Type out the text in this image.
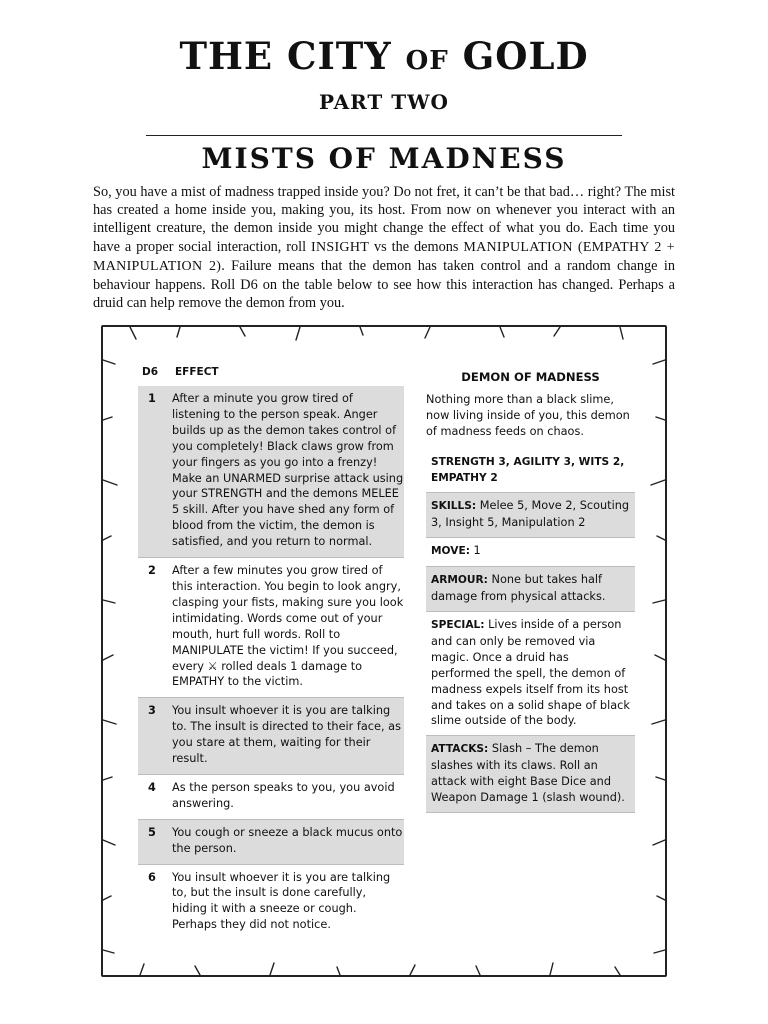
THE CITY OF GOLD
PART TWO
MISTS OF MADNESS

So, you have a mist of madness trapped inside you? Do not fret, it can’t be that bad… right? The mist has created a home inside you, making you, its host. From now on whenever you interact with an intelligent creature, the demon inside you might change the effect of what you do. Each time you have a proper social interaction, roll INSIGHT vs the demons MANIPULATION (EMPATHY 2 + MANIPULATION 2). Failure means that the demon has taken control and a random change in behaviour happens. Roll D6 on the table below to see how this interaction has changed. Perhaps a druid can help remove the demon from you.

D6	EFFECT
1	After a minute you grow tired of listening to the person speak. Anger builds up as the demon takes control of you completely! Black claws grow from your fingers as you go into a frenzy! Make an UNARMED surprise attack using your STRENGTH and the demons MELEE 5 skill. After you have shed any form of blood from the victim, the demon is satisfied, and you return to normal.
2	After a few minutes you grow tired of this interaction. You begin to look angry, clasping your fists, making sure you look intimidating. Words come out of your mouth, hurt full words. Roll to MANIPULATE the victim! If you succeed, every ⚔ rolled deals 1 damage to EMPATHY to the victim.
3	You insult whoever it is you are talking to. The insult is directed to their face, as you stare at them, waiting for their result.
4	As the person speaks to you, you avoid answering.
5	You cough or sneeze a black mucus onto the person.
6	You insult whoever it is you are talking to, but the insult is done carefully, hiding it with a sneeze or cough. Perhaps they did not notice.
DEMON OF MADNESS

Nothing more than a black slime, now living inside of you, this demon of madness feeds on chaos.

STRENGTH 3, AGILITY 3, WITS 2, EMPATHY 2
SKILLS: Melee 5, Move 2, Scouting 3, Insight 5, Manipulation 2
MOVE: 1
ARMOUR: None but takes half damage from physical attacks.
SPECIAL: Lives inside of a person and can only be removed via magic. Once a druid has performed the spell, the demon of madness expels itself from its host and takes on a solid shape of black slime outside of the body.
ATTACKS: Slash – The demon slashes with its claws. Roll an attack with eight Base Dice and Weapon Damage 1 (slash wound).
